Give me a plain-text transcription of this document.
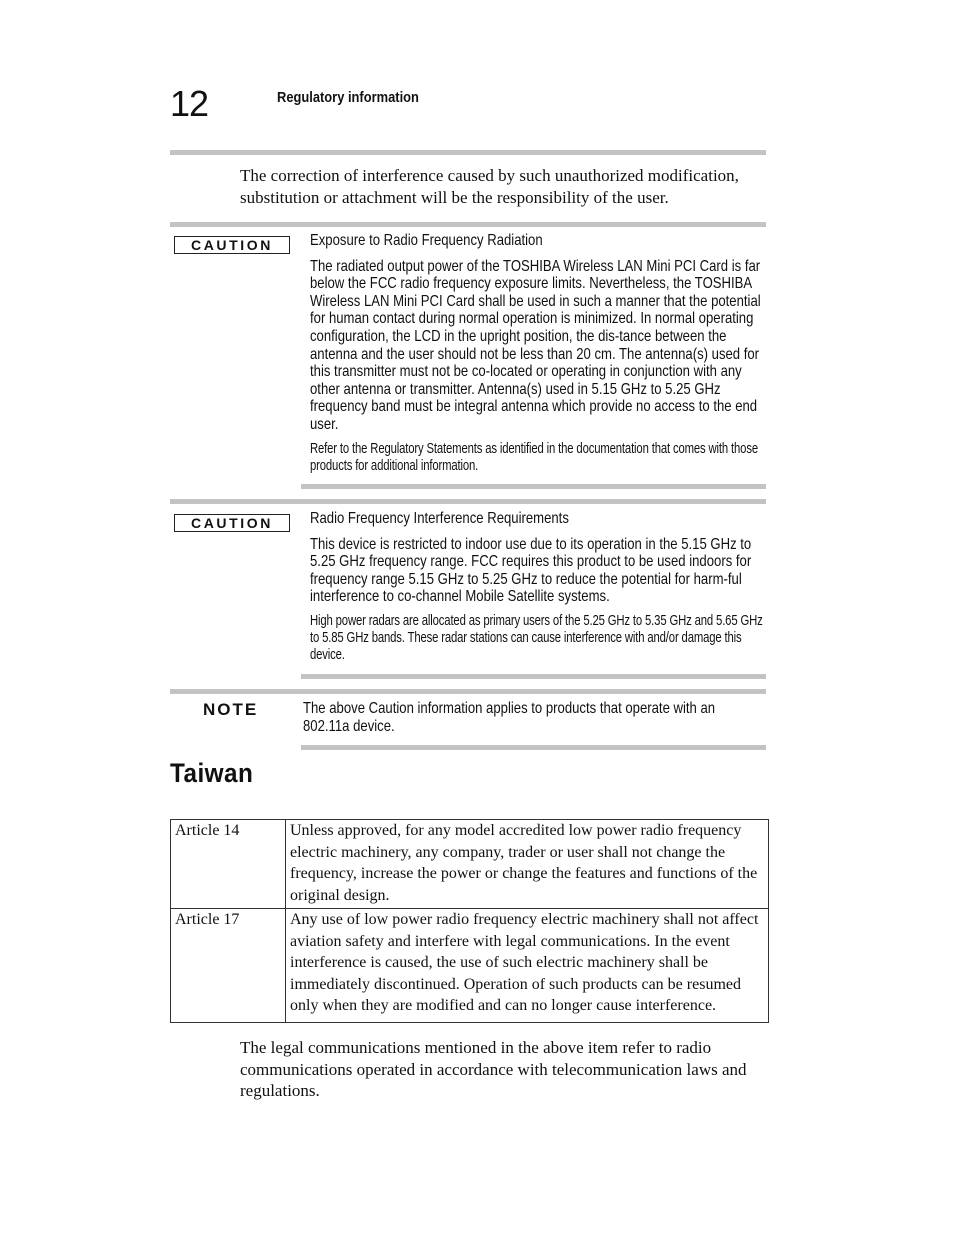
12	Regulatory information
The correction of interference caused by such unauthorized modification, substitution or attachment will be the responsibility of the user.
CAUTION	Exposure to Radio Frequency Radiation

The radiated output power of the TOSHIBA Wireless LAN Mini PCI Card is far below the FCC radio frequency exposure limits. Nevertheless, the TOSHIBA Wireless LAN Mini PCI Card shall be used in such a manner that the potential for human contact during normal operation is minimized. In normal operating configuration, the LCD in the upright position, the dis-tance between the antenna and the user should not be less than 20 cm. The antenna(s) used for this transmitter must not be co-located or operating in conjunction with any other antenna or transmitter. Antenna(s) used in 5.15 GHz to 5.25 GHz frequency band must be integral antenna which provide no access to the end user.

Refer to the Regulatory Statements as identified in the documentation that comes with those products for additional information.

CAUTION	Radio Frequency Interference Requirements

This device is restricted to indoor use due to its operation in the 5.15 GHz to 5.25 GHz frequency range. FCC requires this product to be used indoors for frequency range 5.15 GHz to 5.25 GHz to reduce the potential for harm-ful interference to co-channel Mobile Satellite systems.

High power radars are allocated as primary users of the 5.25 GHz to 5.35 GHz and 5.65 GHz to 5.85 GHz bands. These radar stations can cause interference with and/or damage this device.

NOTE	The above Caution information applies to products that operate with an 802.11a device.

Taiwan
Article 14	Unless approved, for any model accredited low power radio frequency electric machinery, any company, trader or user shall not change the frequency, increase the power or change the features and functions of the original design.
Article 17	Any use of low power radio frequency electric machinery shall not affect aviation safety and interfere with legal communications. In the event interference is caused, the use of such electric machinery shall be immediately discontinued. Operation of such products can be resumed only when they are modified and can no longer cause interference.
The legal communications mentioned in the above item refer to radio communications operated in accordance with telecommunication laws and regulations.
